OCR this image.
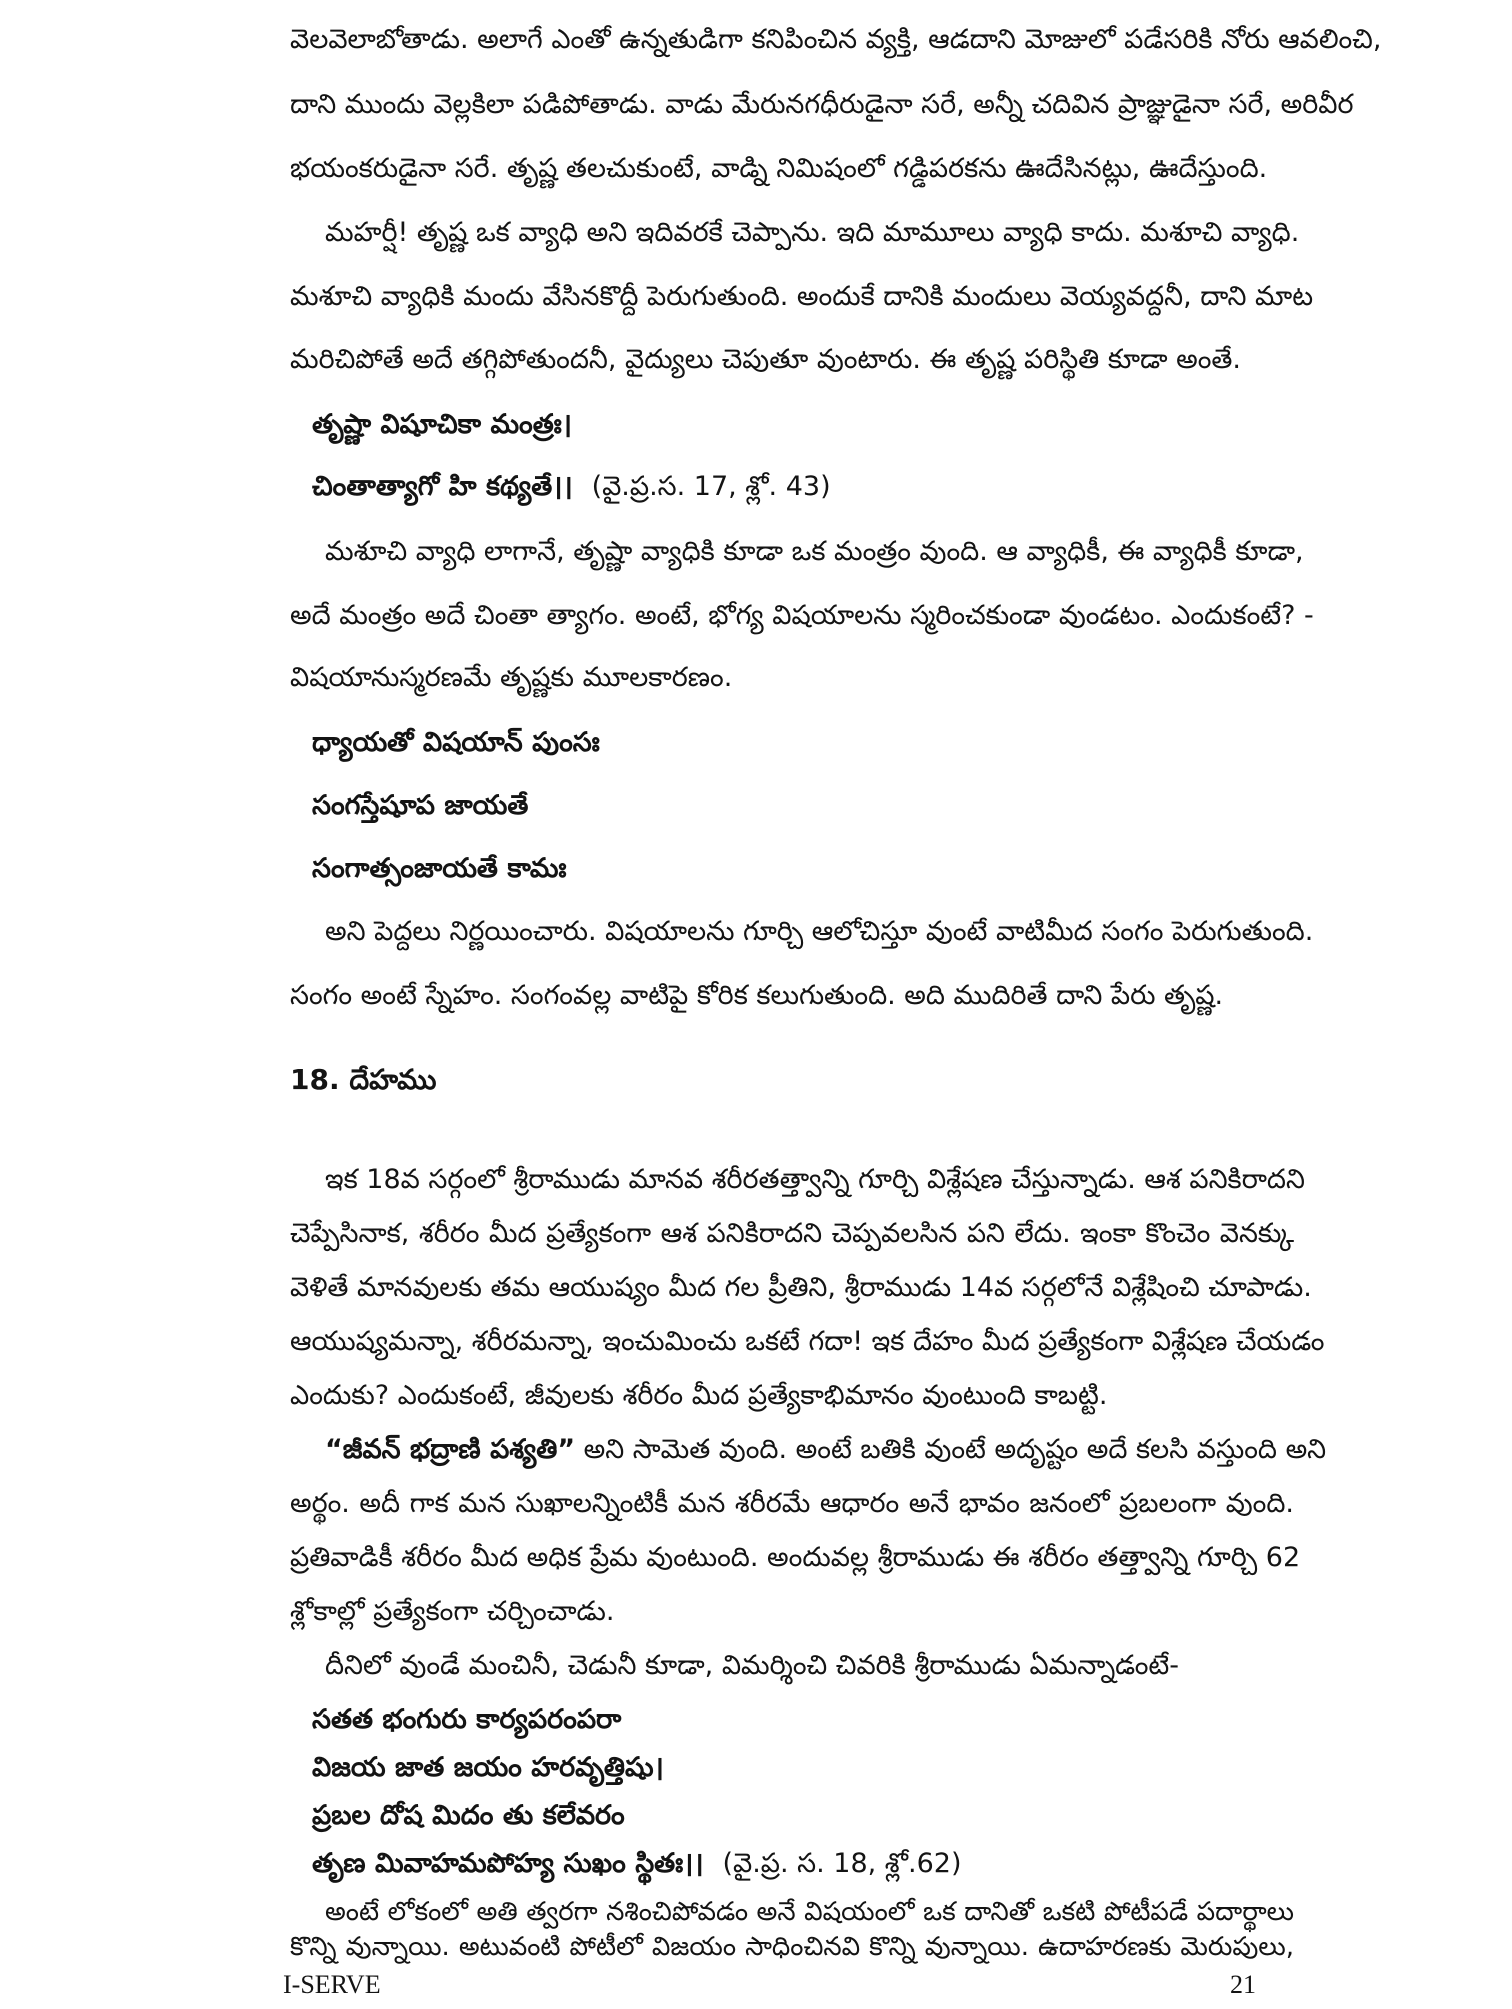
వెలవెలాబోతాడు. అలాగే ఎంతో ఉన్నతుడిగా కనిపించిన వ్యక్తి, ఆడదాని మోజులో పడేసరికి నోరు ఆవలించి,
దాని ముందు వెల్లకిలా పడిపోతాడు. వాడు మేరునగధీరుడైనా సరే, అన్నీ చదివిన ప్రాజ్ఞుడైనా సరే, అరివీర
భయంకరుడైనా సరే. తృష్ణ తలచుకుంటే, వాడ్ని నిమిషంలో గడ్డిపరకను ఊదేసినట్లు, ఊదేస్తుంది.
మహర్షీ! తృష్ణ ఒక వ్యాధి అని ఇదివరకే చెప్పాను. ఇది మామూలు వ్యాధి కాదు. మశూచి వ్యాధి.
మశూచి వ్యాధికి మందు వేసినకొద్దీ పెరుగుతుంది. అందుకే దానికి మందులు వెయ్యవద్దనీ, దాని మాట
మరిచిపోతే అదే తగ్గిపోతుందనీ, వైద్యులు చెపుతూ వుంటారు. ఈ తృష్ణ పరిస్థితి కూడా అంతే.
తృష్ణా విషూచికా మంత్రః।
చింతాత్యాగో హి కథ్యతే।। (వై.ప్ర.స. 17, శ్లో. 43)
మశూచి వ్యాధి లాగానే, తృష్ణా వ్యాధికి కూడా ఒక మంత్రం వుంది. ఆ వ్యాధికీ, ఈ వ్యాధికీ కూడా,
అదే మంత్రం అదే చింతా త్యాగం. అంటే, భోగ్య విషయాలను స్మరించకుండా వుండటం. ఎందుకంటే? -
విషయానుస్మరణమే తృష్ణకు మూలకారణం.
ధ్యాయతో విషయాన్ పుంసః
సంగస్తేషూప జాయతే
సంగాత్సంజాయతే కామః
అని పెద్దలు నిర్ణయించారు. విషయాలను గూర్చి ఆలోచిస్తూ వుంటే వాటిమీద సంగం పెరుగుతుంది.
సంగం అంటే స్నేహం. సంగంవల్ల వాటిపై కోరిక కలుగుతుంది. అది ముదిరితే దాని పేరు తృష్ణ.
18. దేహము
ఇక 18వ సర్గంలో శ్రీరాముడు మానవ శరీరతత్త్వాన్ని గూర్చి విశ్లేషణ చేస్తున్నాడు. ఆశ పనికిరాదని
చెప్పేసినాక, శరీరం మీద ప్రత్యేకంగా ఆశ పనికిరాదని చెప్పవలసిన పని లేదు. ఇంకా కొంచెం వెనక్కు
వెళితే మానవులకు తమ ఆయుష్యం మీద గల ప్రీతిని, శ్రీరాముడు 14వ సర్గలోనే విశ్లేషించి చూపాడు.
ఆయుష్యమన్నా, శరీరమన్నా, ఇంచుమించు ఒకటే గదా! ఇక దేహం మీద ప్రత్యేకంగా విశ్లేషణ చేయడం
ఎందుకు? ఎందుకంటే, జీవులకు శరీరం మీద ప్రత్యేకాభిమానం వుంటుంది కాబట్టి.
“జీవన్ భద్రాణి పశ్యతి” అని సామెత వుంది. అంటే బతికి వుంటే అదృష్టం అదే కలసి వస్తుంది అని
అర్థం. అదీ గాక మన సుఖాలన్నింటికీ మన శరీరమే ఆధారం అనే భావం జనంలో ప్రబలంగా వుంది.
ప్రతివాడికీ శరీరం మీద అధిక ప్రేమ వుంటుంది. అందువల్ల శ్రీరాముడు ఈ శరీరం తత్త్వాన్ని గూర్చి 62
శ్లోకాల్లో ప్రత్యేకంగా చర్చించాడు.
దీనిలో వుండే మంచినీ, చెడునీ కూడా, విమర్శించి చివరికి శ్రీరాముడు ఏమన్నాడంటే-
సతత భంగురు కార్యపరంపరా
విజయ జాత జయం హరవృత్తిషు।
ప్రబల దోష మిదం తు కలేవరం
తృణ మివాహమపోహ్య సుఖం స్థితః।। (వై.ప్ర. స. 18, శ్లో.62)
అంటే లోకంలో అతి త్వరగా నశించిపోవడం అనే విషయంలో ఒక దానితో ఒకటి పోటీపడే పదార్థాలు
కొన్ని వున్నాయి. అటువంటి పోటీలో విజయం సాధించినవి కొన్ని వున్నాయి. ఉదాహరణకు మెరుపులు,
I-SERVE	21
